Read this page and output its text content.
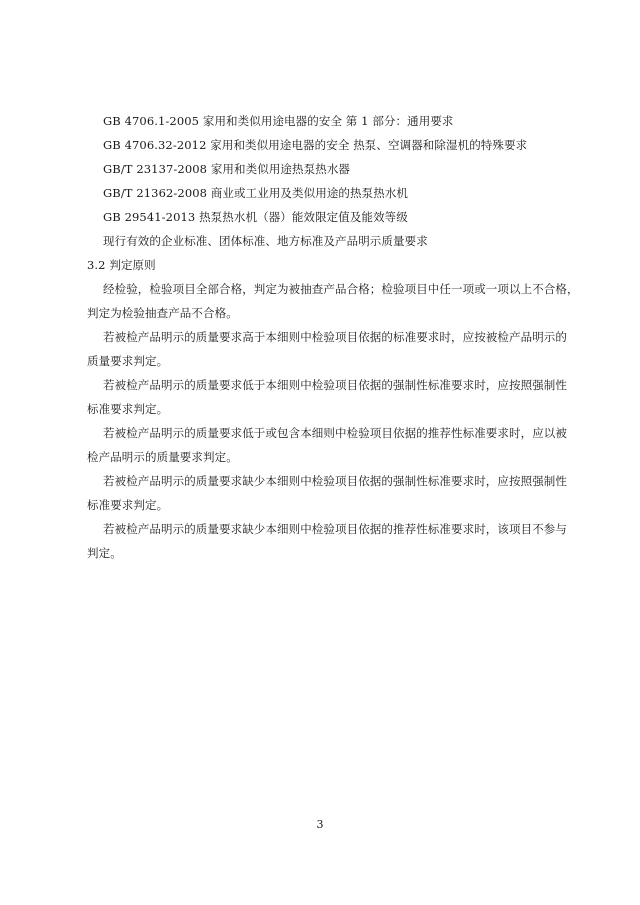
GB 4706.1-2005 家用和类似用途电器的安全 第 1 部分：通用要求
GB 4706.32-2012 家用和类似用途电器的安全 热泵、空调器和除湿机的特殊要求
GB/T 23137-2008 家用和类似用途热泵热水器
GB/T 21362-2008 商业或工业用及类似用途的热泵热水机
GB 29541-2013 热泵热水机（器）能效限定值及能效等级
现行有效的企业标准、团体标准、地方标准及产品明示质量要求
3.2 判定原则
经检验，检验项目全部合格，判定为被抽查产品合格；检验项目中任一项或一项以上不合格，
判定为检验抽查产品不合格。
若被检产品明示的质量要求高于本细则中检验项目依据的标准要求时，应按被检产品明示的
质量要求判定。
若被检产品明示的质量要求低于本细则中检验项目依据的强制性标准要求时，应按照强制性
标准要求判定。
若被检产品明示的质量要求低于或包含本细则中检验项目依据的推荐性标准要求时，应以被
检产品明示的质量要求判定。
若被检产品明示的质量要求缺少本细则中检验项目依据的强制性标准要求时，应按照强制性
标准要求判定。
若被检产品明示的质量要求缺少本细则中检验项目依据的推荐性标准要求时，该项目不参与
判定。
3
